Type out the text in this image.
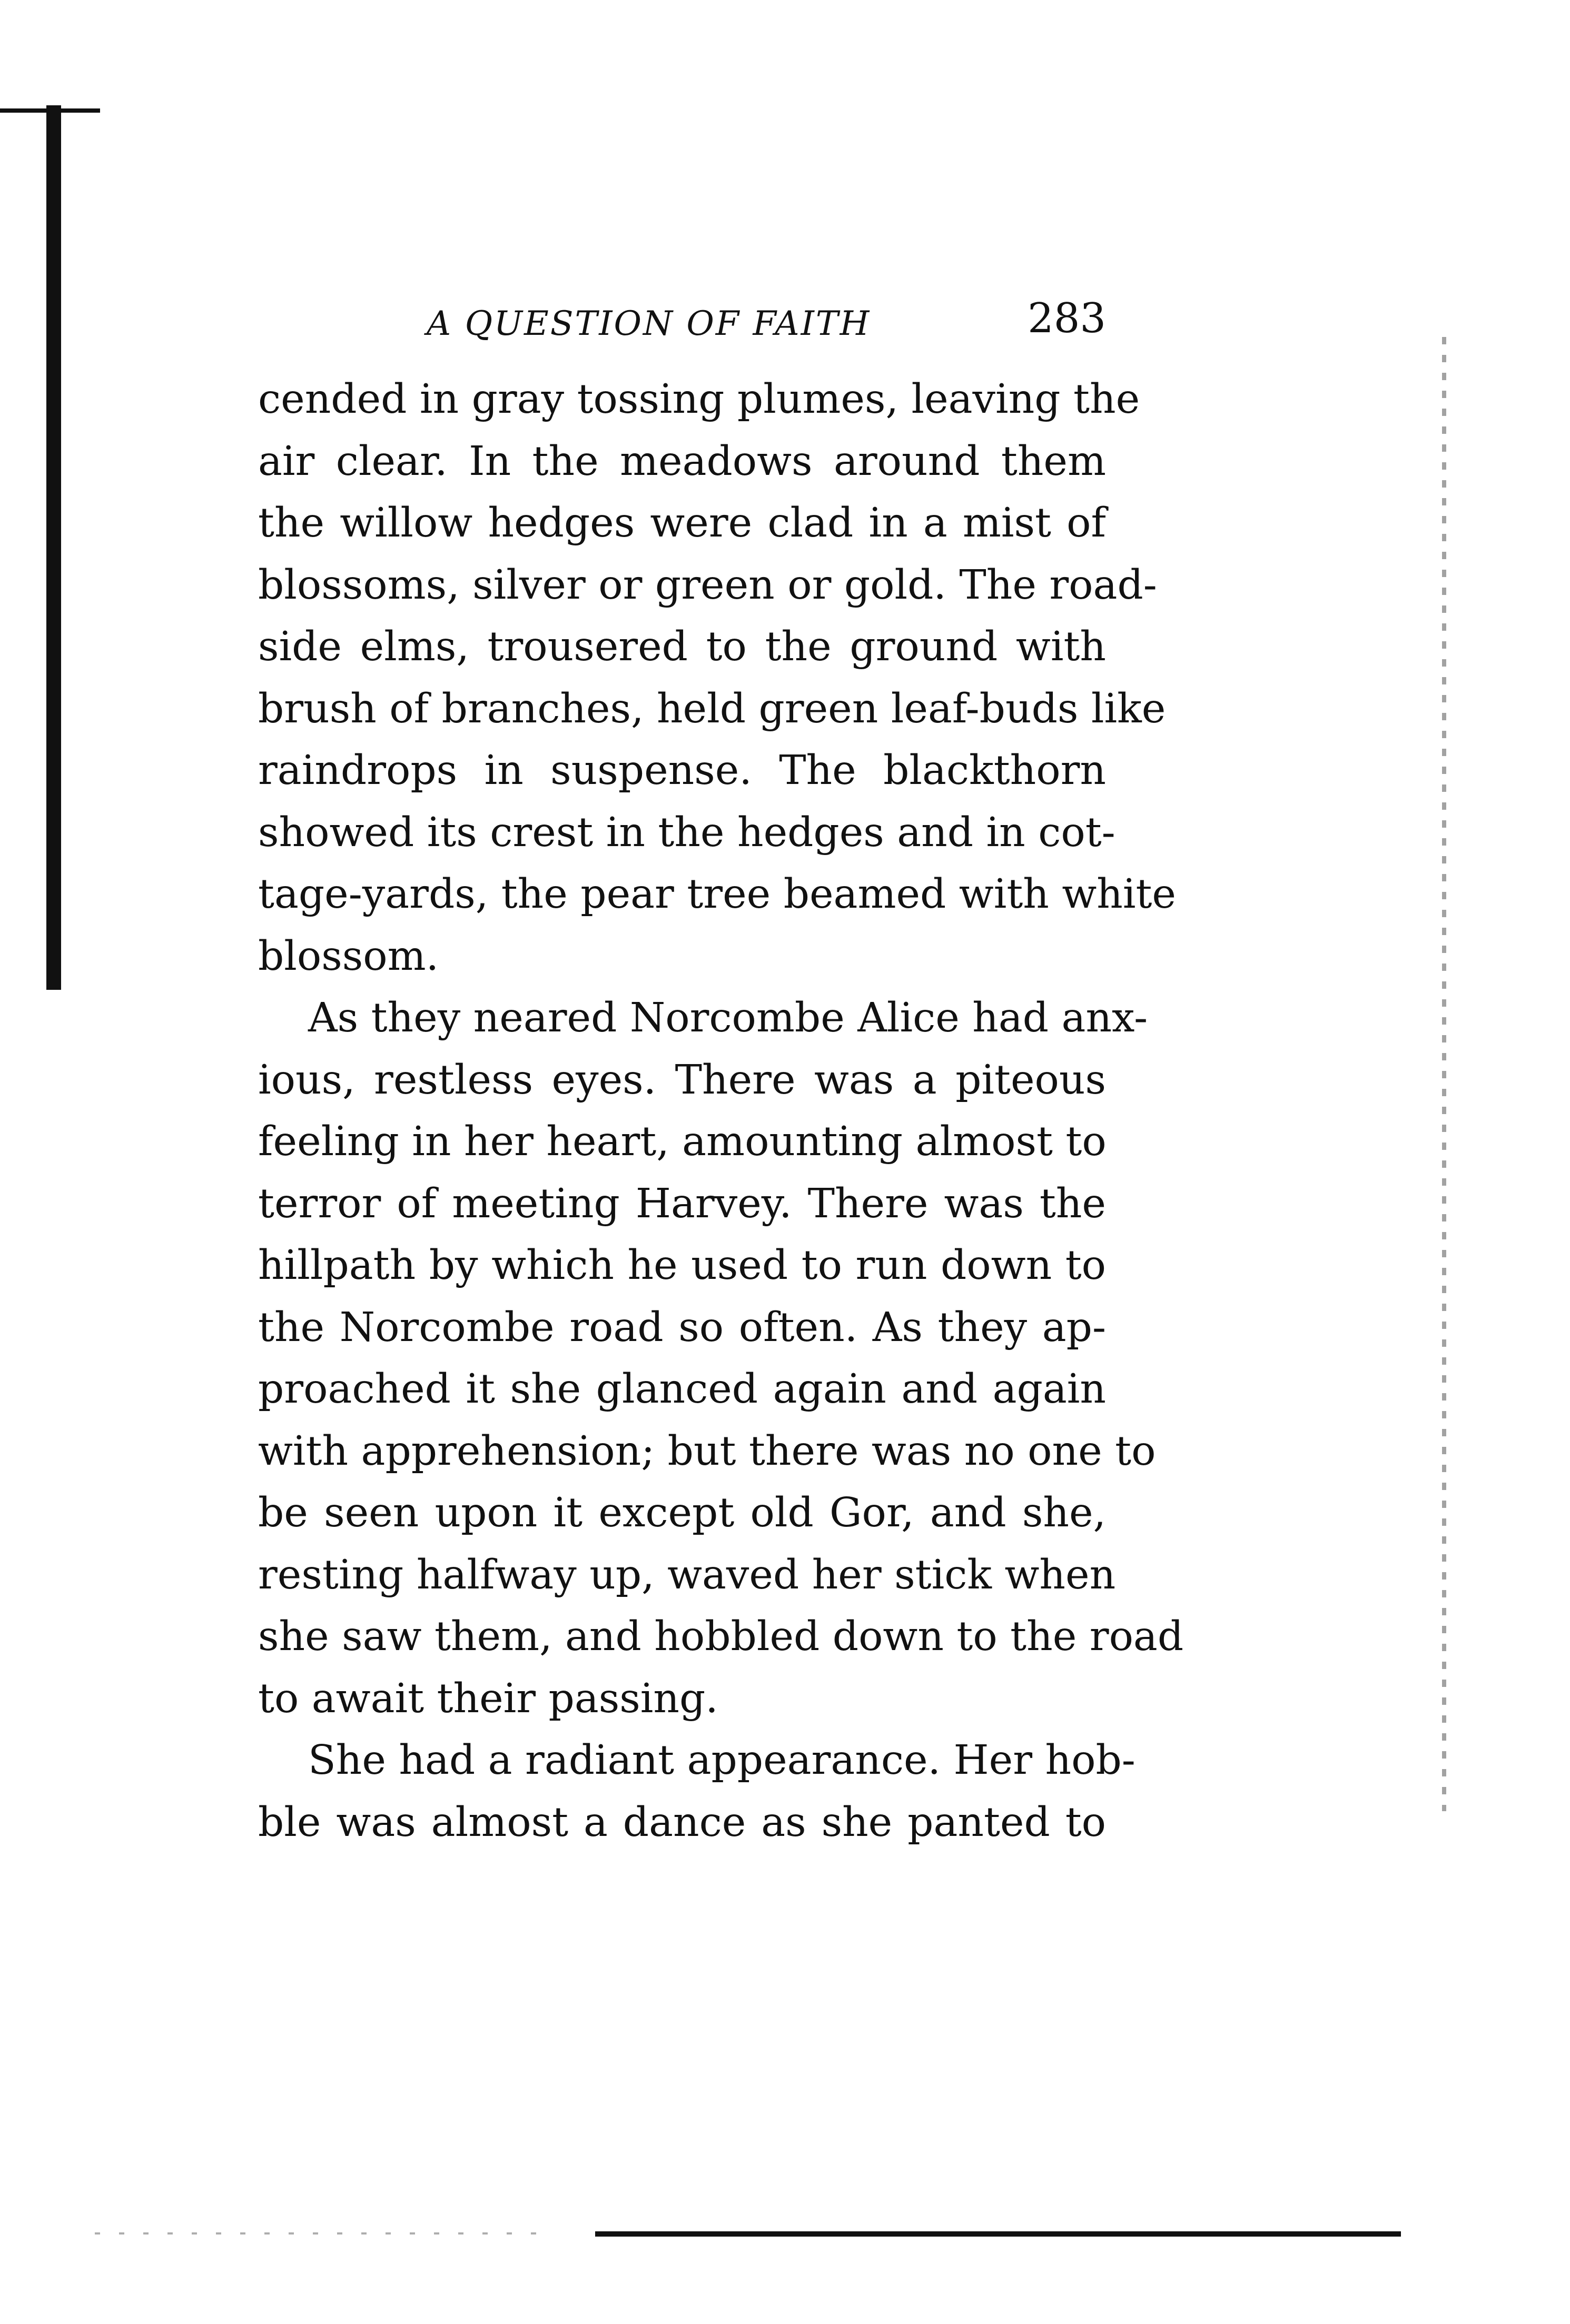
A QUESTION OF FAITH	283
cended in gray tossing plumes, leaving the
air clear. In the meadows around them
the willow hedges were clad in a mist of
blossoms, silver or green or gold. The road-
side elms, trousered to the ground with
brush of branches, held green leaf-buds like
raindrops in suspense. The blackthorn
showed its crest in the hedges and in cot-
tage-yards, the pear tree beamed with white
blossom.
As they neared Norcombe Alice had anx-
ious, restless eyes. There was a piteous
feeling in her heart, amounting almost to
terror of meeting Harvey. There was the
hillpath by which he used to run down to
the Norcombe road so often. As they ap-
proached it she glanced again and again
with apprehension; but there was no one to
be seen upon it except old Gor, and she,
resting halfway up, waved her stick when
she saw them, and hobbled down to the road
to await their passing.
She had a radiant appearance. Her hob-
ble was almost a dance as she panted to
